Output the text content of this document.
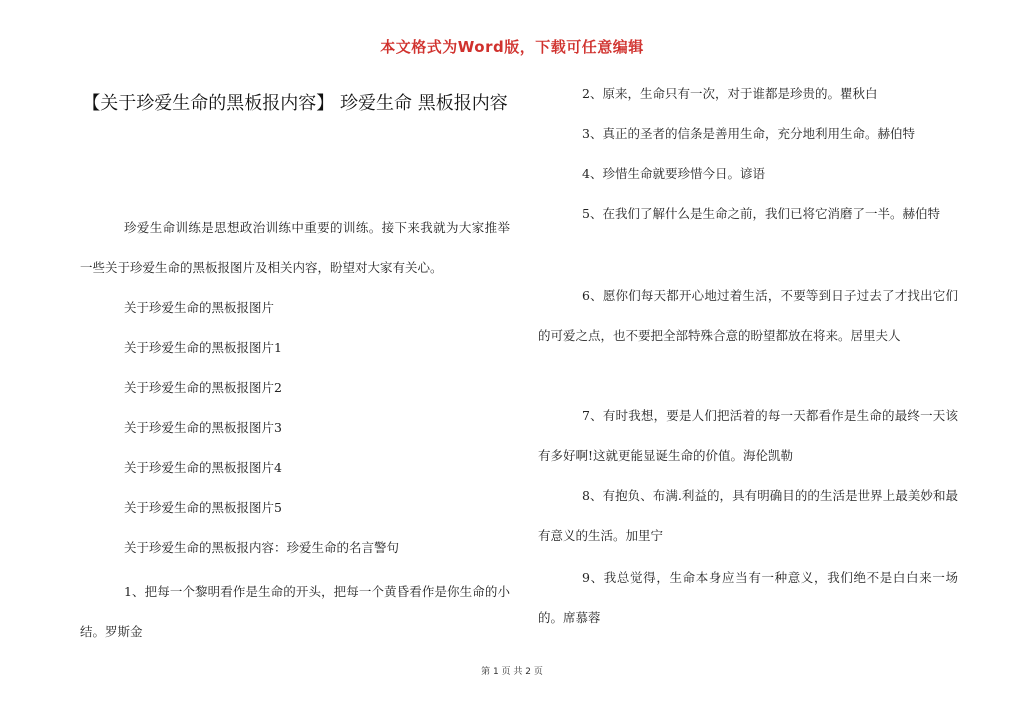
本文格式为Word版，下载可任意编辑
【关于珍爱生命的黑板报内容】 珍爱生命 黑板报内容
珍爱生命训练是思想政治训练中重要的训练。接下来我就为大家推举一些关于珍爱生命的黑板报图片及相关内容，盼望对大家有关心。
关于珍爱生命的黑板报图片
关于珍爱生命的黑板报图片1
关于珍爱生命的黑板报图片2
关于珍爱生命的黑板报图片3
关于珍爱生命的黑板报图片4
关于珍爱生命的黑板报图片5
关于珍爱生命的黑板报内容：珍爱生命的名言警句
1、把每一个黎明看作是生命的开头，把每一个黄昏看作是你生命的小结。罗斯金
2、原来，生命只有一次，对于谁都是珍贵的。瞿秋白
3、真正的圣者的信条是善用生命，充分地利用生命。赫伯特
4、珍惜生命就要珍惜今日。谚语
5、在我们了解什么是生命之前，我们已将它消磨了一半。赫伯特
6、愿你们每天都开心地过着生活，不要等到日子过去了才找出它们的可爱之点，也不要把全部特殊合意的盼望都放在将来。居里夫人
7、有时我想，要是人们把活着的每一天都看作是生命的最终一天该有多好啊!这就更能显诞生命的价值。海伦凯勒
8、有抱负、布满.利益的，具有明确目的的生活是世界上最美妙和最有意义的生活。加里宁
9、我总觉得，生命本身应当有一种意义，我们绝不是白白来一场的。席慕蓉
第 1 页 共 2 页
